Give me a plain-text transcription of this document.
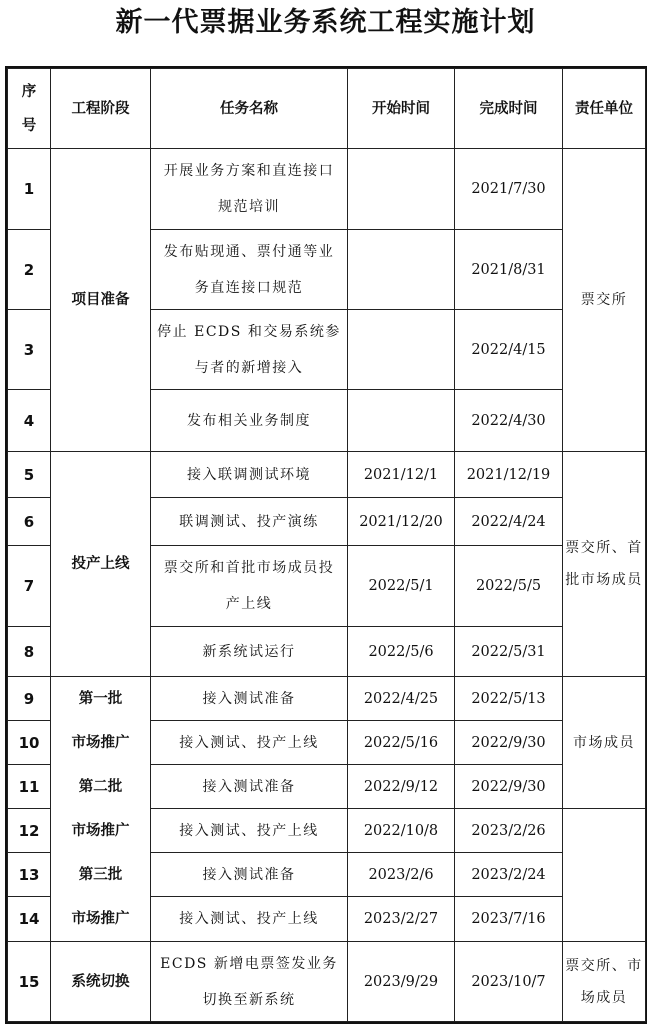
新一代票据业务系统工程实施计划
序号	工程阶段	任务名称	开始时间	完成时间	责任单位
1	项目准备	开展业务方案和直连接口规范培训		2021/7/30	票交所
2		发布贴现通、票付通等业务直连接口规范		2021/8/31	
3		停止 ECDS 和交易系统参与者的新增接入		2022/4/15	
4		发布相关业务制度		2022/4/30	
5	投产上线	接入联调测试环境	2021/12/1	2021/12/19	票交所、首批市场成员
6		联调测试、投产演练	2021/12/20	2022/4/24	
7		票交所和首批市场成员投产上线	2022/5/1	2022/5/5	
8		新系统试运行	2022/5/6	2022/5/31	
9	第一批	接入测试准备	2022/4/25	2022/5/13	市场成员
10	市场推广	接入测试、投产上线	2022/5/16	2022/9/30	
11	第二批	接入测试准备	2022/9/12	2022/9/30	
12	市场推广	接入测试、投产上线	2022/10/8	2023/2/26	
13	第三批	接入测试准备	2023/2/6	2023/2/24	
14	市场推广	接入测试、投产上线	2023/2/27	2023/7/16	
15	系统切换	ECDS 新增电票签发业务切换至新系统	2023/9/29	2023/10/7	票交所、市场成员
